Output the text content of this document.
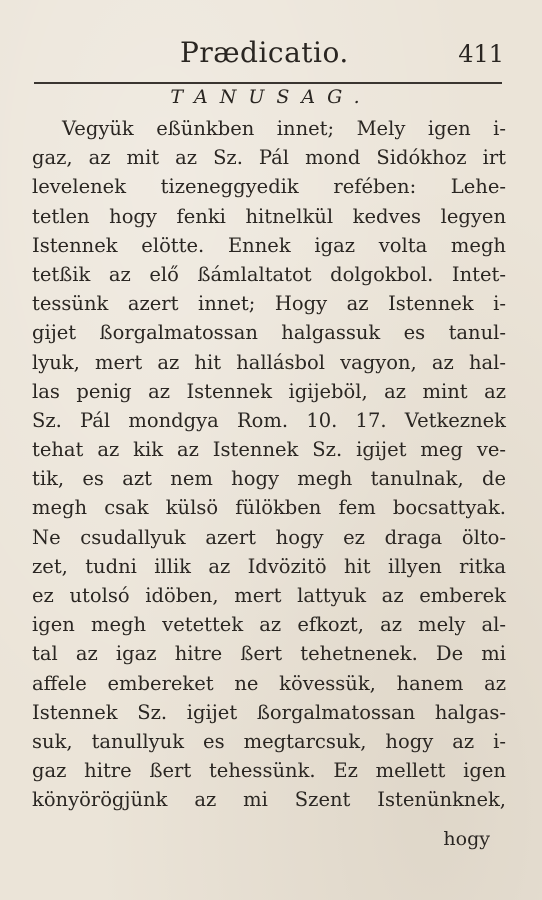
Prædicatio.	411
TANUSAG.
Vegyük eßünkben innet; Mely igen i-
gaz, az mit az Sz. Pál mond Sidókhoz irt
levelenek tizeneggyedik refében: Lehe-
tetlen hogy fenki hitnelkül kedves legyen
Istennek elötte. Ennek igaz volta megh
tetßik az elő ßámlaltatot dolgokbol. Intet-
tessünk azert innet; Hogy az Istennek i-
gijet ßorgalmatossan halgassuk es tanul-
lyuk, mert az hit hallásbol vagyon, az hal-
las penig az Istennek igijeböl, az mint az
Sz. Pál mondgya Rom. 10. 17. Vetkeznek
tehat az kik az Istennek Sz. igijet meg ve-
tik, es azt nem hogy megh tanulnak, de
megh csak külsö fülökben fem bocsattyak.
Ne csudallyuk azert hogy ez draga ölto-
zet, tudni illik az Idvözitö hit illyen ritka
ez utolsó idöben, mert lattyuk az emberek
igen megh vetettek az efkozt, az mely al-
tal az igaz hitre ßert tehetnenek. De mi
affele embereket ne kövessük, hanem az
Istennek Sz. igijet ßorgalmatossan halgas-
suk, tanullyuk es megtarcsuk, hogy az i-
gaz hitre ßert tehessünk. Ez mellett igen
könyörögjünk az mi Szent Istenünknek,
hogy
